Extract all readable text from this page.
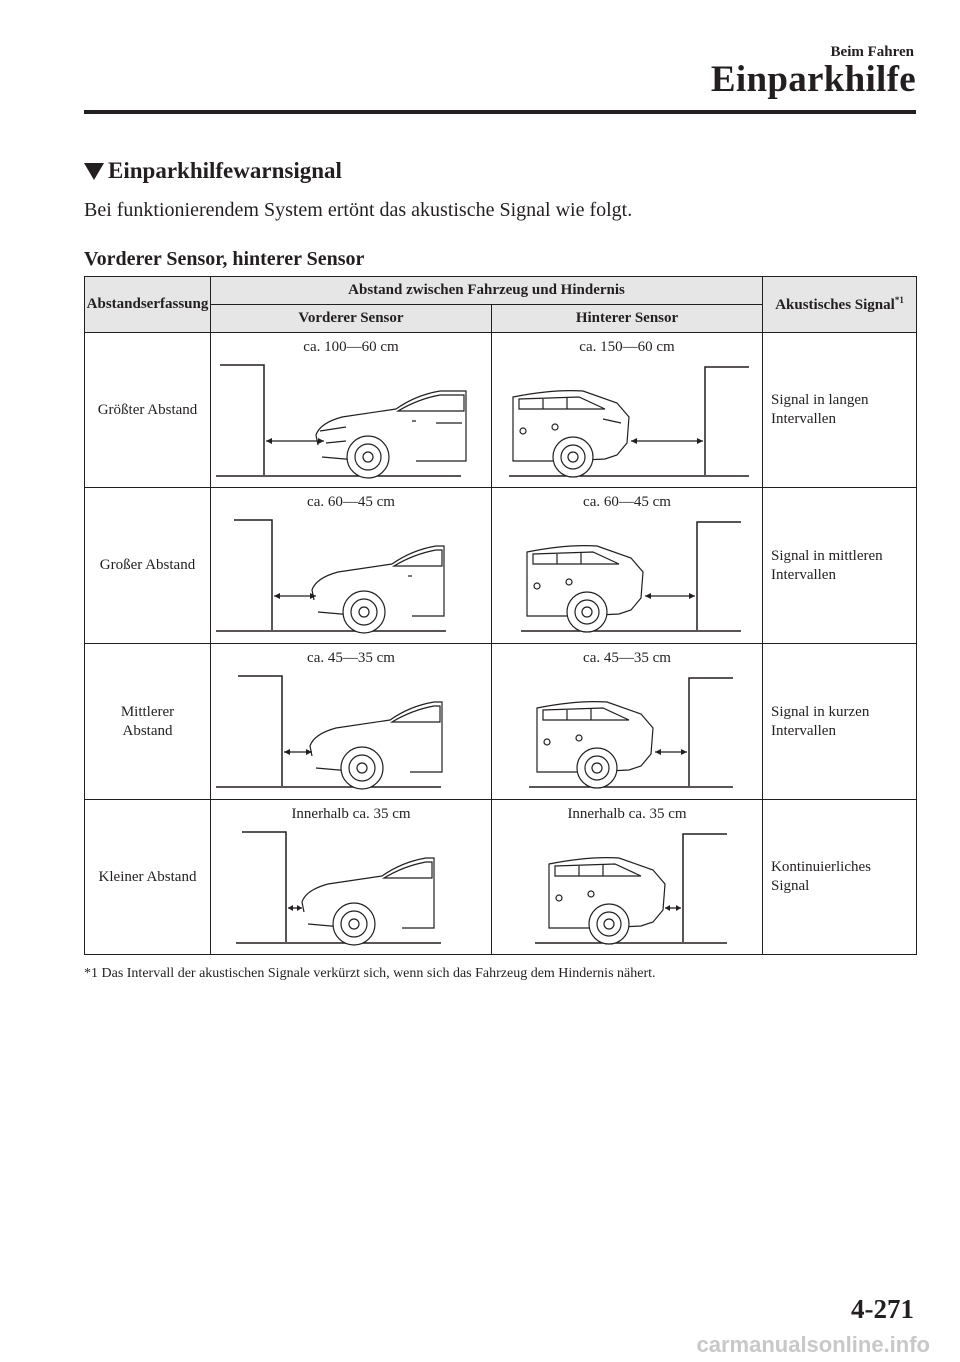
Beim Fahren
Einparkhilfe
Einparkhilfewarnsignal
Bei funktionierendem System ertönt das akustische Signal wie folgt.
Vorderer Sensor, hinterer Sensor
Abstandserfassung	Abstand zwischen Fahrzeug und Hindernis		Akustisches Signal$^{*1}$
	Vorderer Sensor	Hinterer Sensor	
Größter Abstand	ca. 100—60 cm	ca. 150—60 cm	Signal in langen
Intervallen
Großer Abstand	ca. 60—45 cm	ca. 60—45 cm	Signal in mittleren
Intervallen
Mittlerer
Abstand	ca. 45—35 cm	ca. 45—35 cm	Signal in kurzen
Intervallen
Kleiner Abstand	Innerhalb ca. 35 cm	Innerhalb ca. 35 cm	Kontinuierliches
Signal
*1 Das Intervall der akustischen Signale verkürzt sich, wenn sich das Fahrzeug dem Hindernis nähert.
4-271
carmanualsonline.info
